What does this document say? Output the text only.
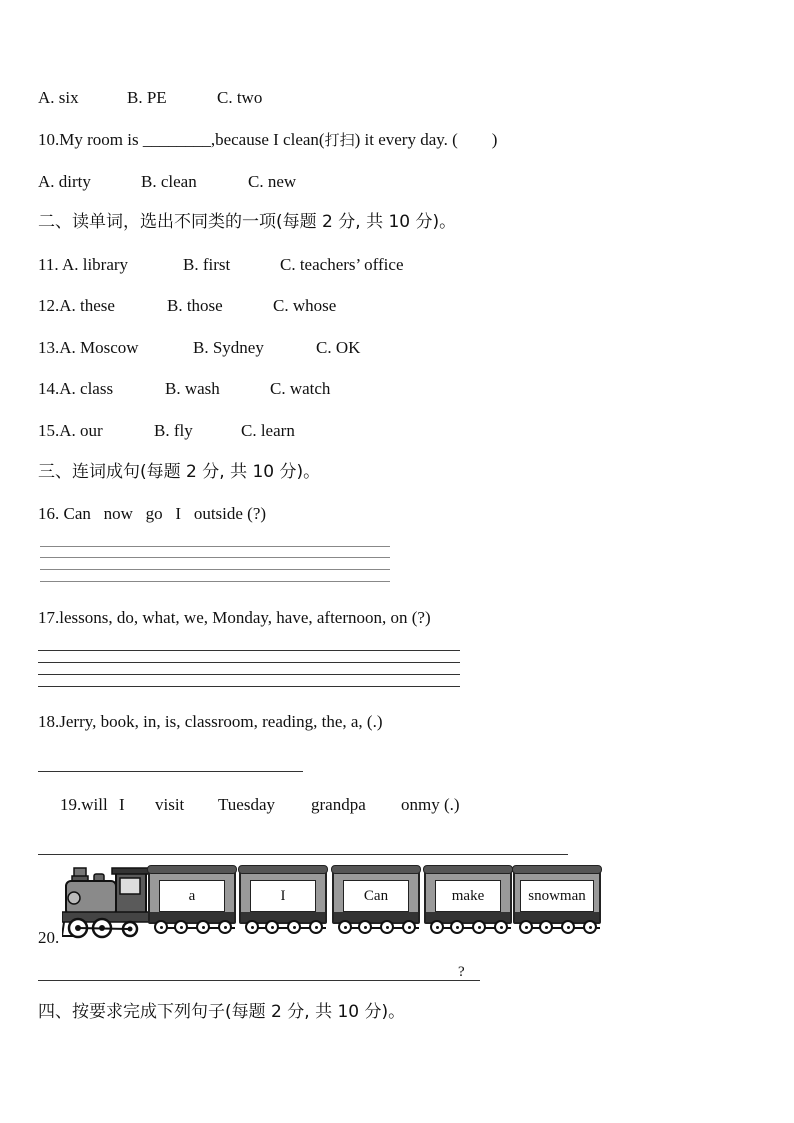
A. six	B. PE	C. two
10.My room is ________,because I clean(打扫) it every day. (        )
A. dirty	B. clean	C. new
二、读单词，选出不同类的一项(每题 2 分, 共 10 分)。
11. A. library	B. first	C. teachers’ office
12.A. these	B. those	C. whose
13.A. Moscow	B. Sydney	C. OK
14.A. class	B. wash	C. watch
15.A. our	B. fly	C. learn
三、连词成句(每题 2 分, 共 10 分)。
16. Can   now   go   I   outside (?)
17.lessons, do, what, we, Monday, have, afternoon, on (?)
18.Jerry, book, in, is, classroom, reading, the, a, (.)
19.will I visit Tuesday grandpa onmy (.)
20.
a	I	Can	make	snowman
?
四、按要求完成下列句子(每题 2 分, 共 10 分)。
